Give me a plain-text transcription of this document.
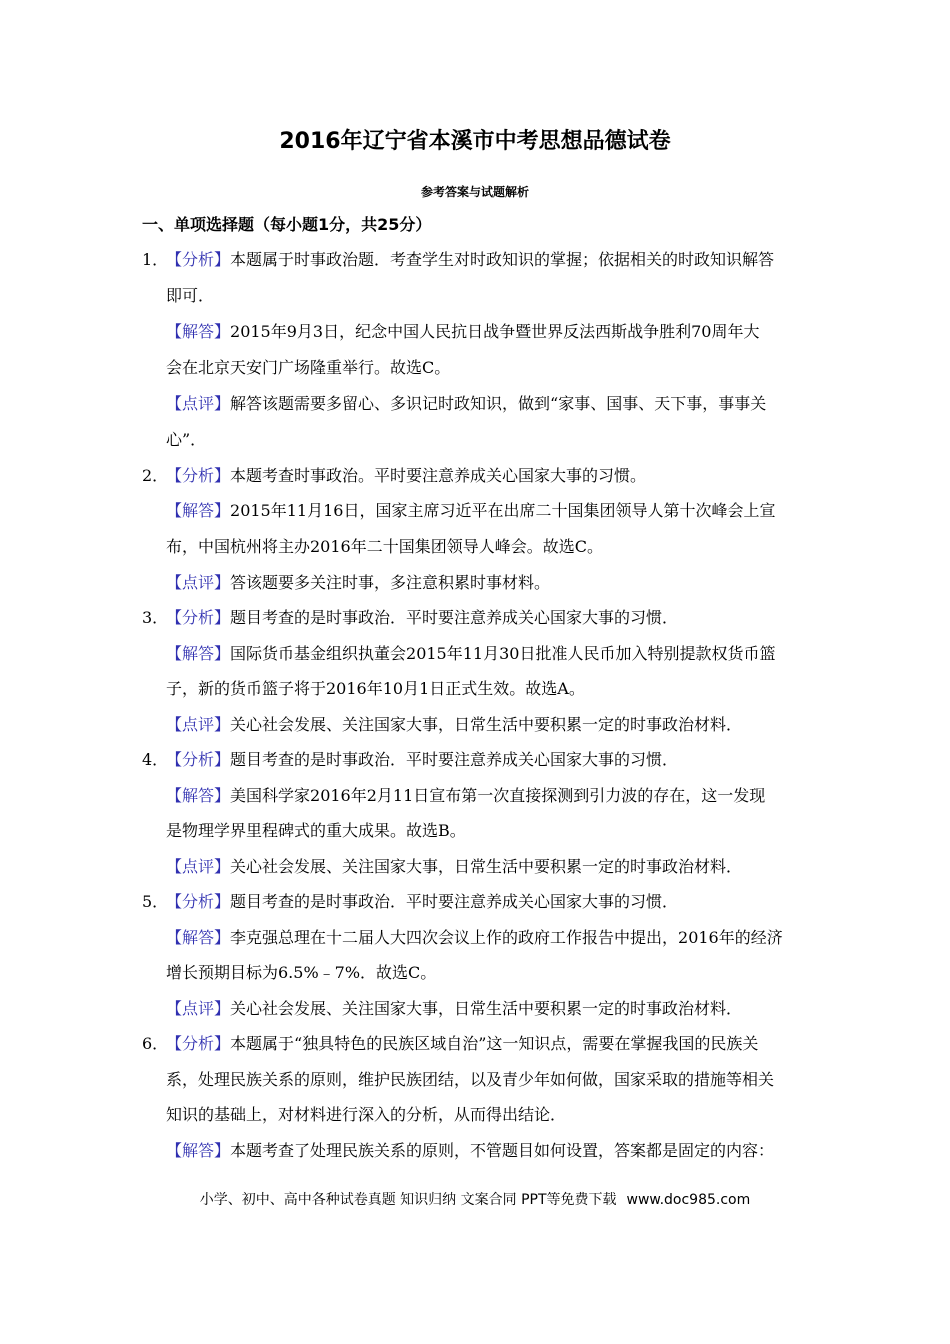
2016年辽宁省本溪市中考思想品德试卷
参考答案与试题解析
一、单项选择题（每小题1分，共25分）
1．
【分析】本题属于时事政治题．考查学生对时政知识的掌握；依据相关的时政知识解答
即可．
【解答】2015年9月3日，纪念中国人民抗日战争暨世界反法西斯战争胜利70周年大
会在北京天安门广场隆重举行。故选C。
【点评】解答该题需要多留心、多识记时政知识，做到“家事、国事、天下事，事事关
心”．
2．
【分析】本题考查时事政治。平时要注意养成关心国家大事的习惯。
【解答】2015年11月16日，国家主席习近平在出席二十国集团领导人第十次峰会上宣
布，中国杭州将主办2016年二十国集团领导人峰会。故选C。
【点评】答该题要多关注时事，多注意积累时事材料。
3．
【分析】题目考查的是时事政治．平时要注意养成关心国家大事的习惯．
【解答】国际货币基金组织执董会2015年11月30日批准人民币加入特别提款权货币篮
子，新的货币篮子将于2016年10月1日正式生效。故选A。
【点评】关心社会发展、关注国家大事，日常生活中要积累一定的时事政治材料．
4．
【分析】题目考查的是时事政治．平时要注意养成关心国家大事的习惯．
【解答】美国科学家2016年2月11日宣布第一次直接探测到引力波的存在，这一发现
是物理学界里程碑式的重大成果。故选B。
【点评】关心社会发展、关注国家大事，日常生活中要积累一定的时事政治材料．
5．
【分析】题目考查的是时事政治．平时要注意养成关心国家大事的习惯．
【解答】李克强总理在十二届人大四次会议上作的政府工作报告中提出，2016年的经济
增长预期目标为6.5%﹣7%．故选C。
【点评】关心社会发展、关注国家大事，日常生活中要积累一定的时事政治材料．
6．
【分析】本题属于“独具特色的民族区域自治”这一知识点，需要在掌握我国的民族关
系，处理民族关系的原则，维护民族团结，以及青少年如何做，国家采取的措施等相关
知识的基础上，对材料进行深入的分析，从而得出结论．
【解答】本题考查了处理民族关系的原则，不管题目如何设置，答案都是固定的内容：
小学、初中、高中各种试卷真题 知识归纳 文案合同 PPT等免费下载 www.doc985.com
